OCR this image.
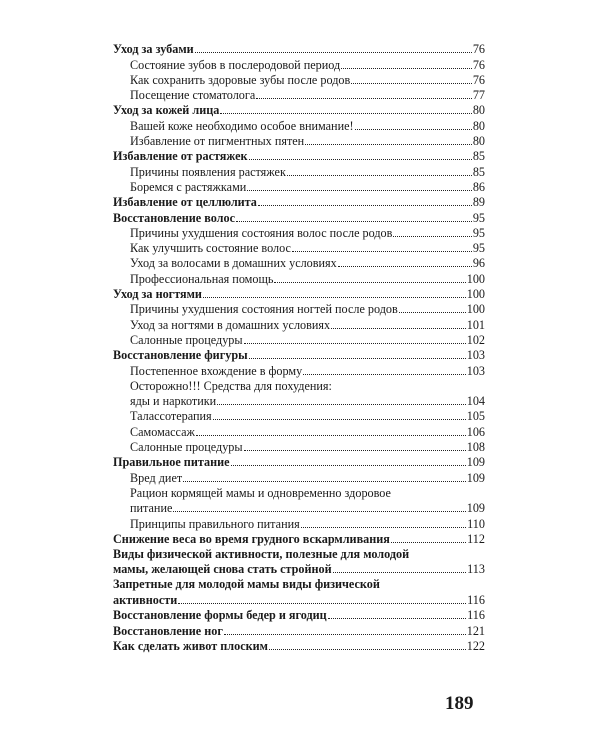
Уход за зубами	76
Состояние зубов в послеродовой период	76
Как сохранить здоровые зубы после родов	76
Посещение стоматолога	77
Уход за кожей лица	80
Вашей коже необходимо особое внимание!	80
Избавление от пигментных пятен	80
Избавление от растяжек	85
Причины появления растяжек	85
Боремся с растяжками	86
Избавление от целлюлита	89
Восстановление волос	95
Причины ухудшения состояния волос после родов	95
Как улучшить состояние волос	95
Уход за волосами в домашних условиях	96
Профессиональная помощь	100
Уход за ногтями	100
Причины ухудшения состояния ногтей после родов	100
Уход за ногтями в домашних условиях	101
Салонные процедуры	102
Восстановление фигуры	103
Постепенное вхождение в форму	103
Осторожно!!! Средства для похудения:
яды и наркотики	104
Талассотерапия	105
Самомассаж	106
Салонные процедуры	108
Правильное питание	109
Вред диет	109
Рацион кормящей мамы и одновременно здоровое
питание	109
Принципы правильного питания	110
Снижение веса во время грудного вскармливания	112
Виды физической активности, полезные для молодой
мамы, желающей снова стать стройной	113
Запретные для молодой мамы виды физической
активности	116
Восстановление формы бедер и ягодиц	116
Восстановление ног	121
Как сделать живот плоским	122
189
